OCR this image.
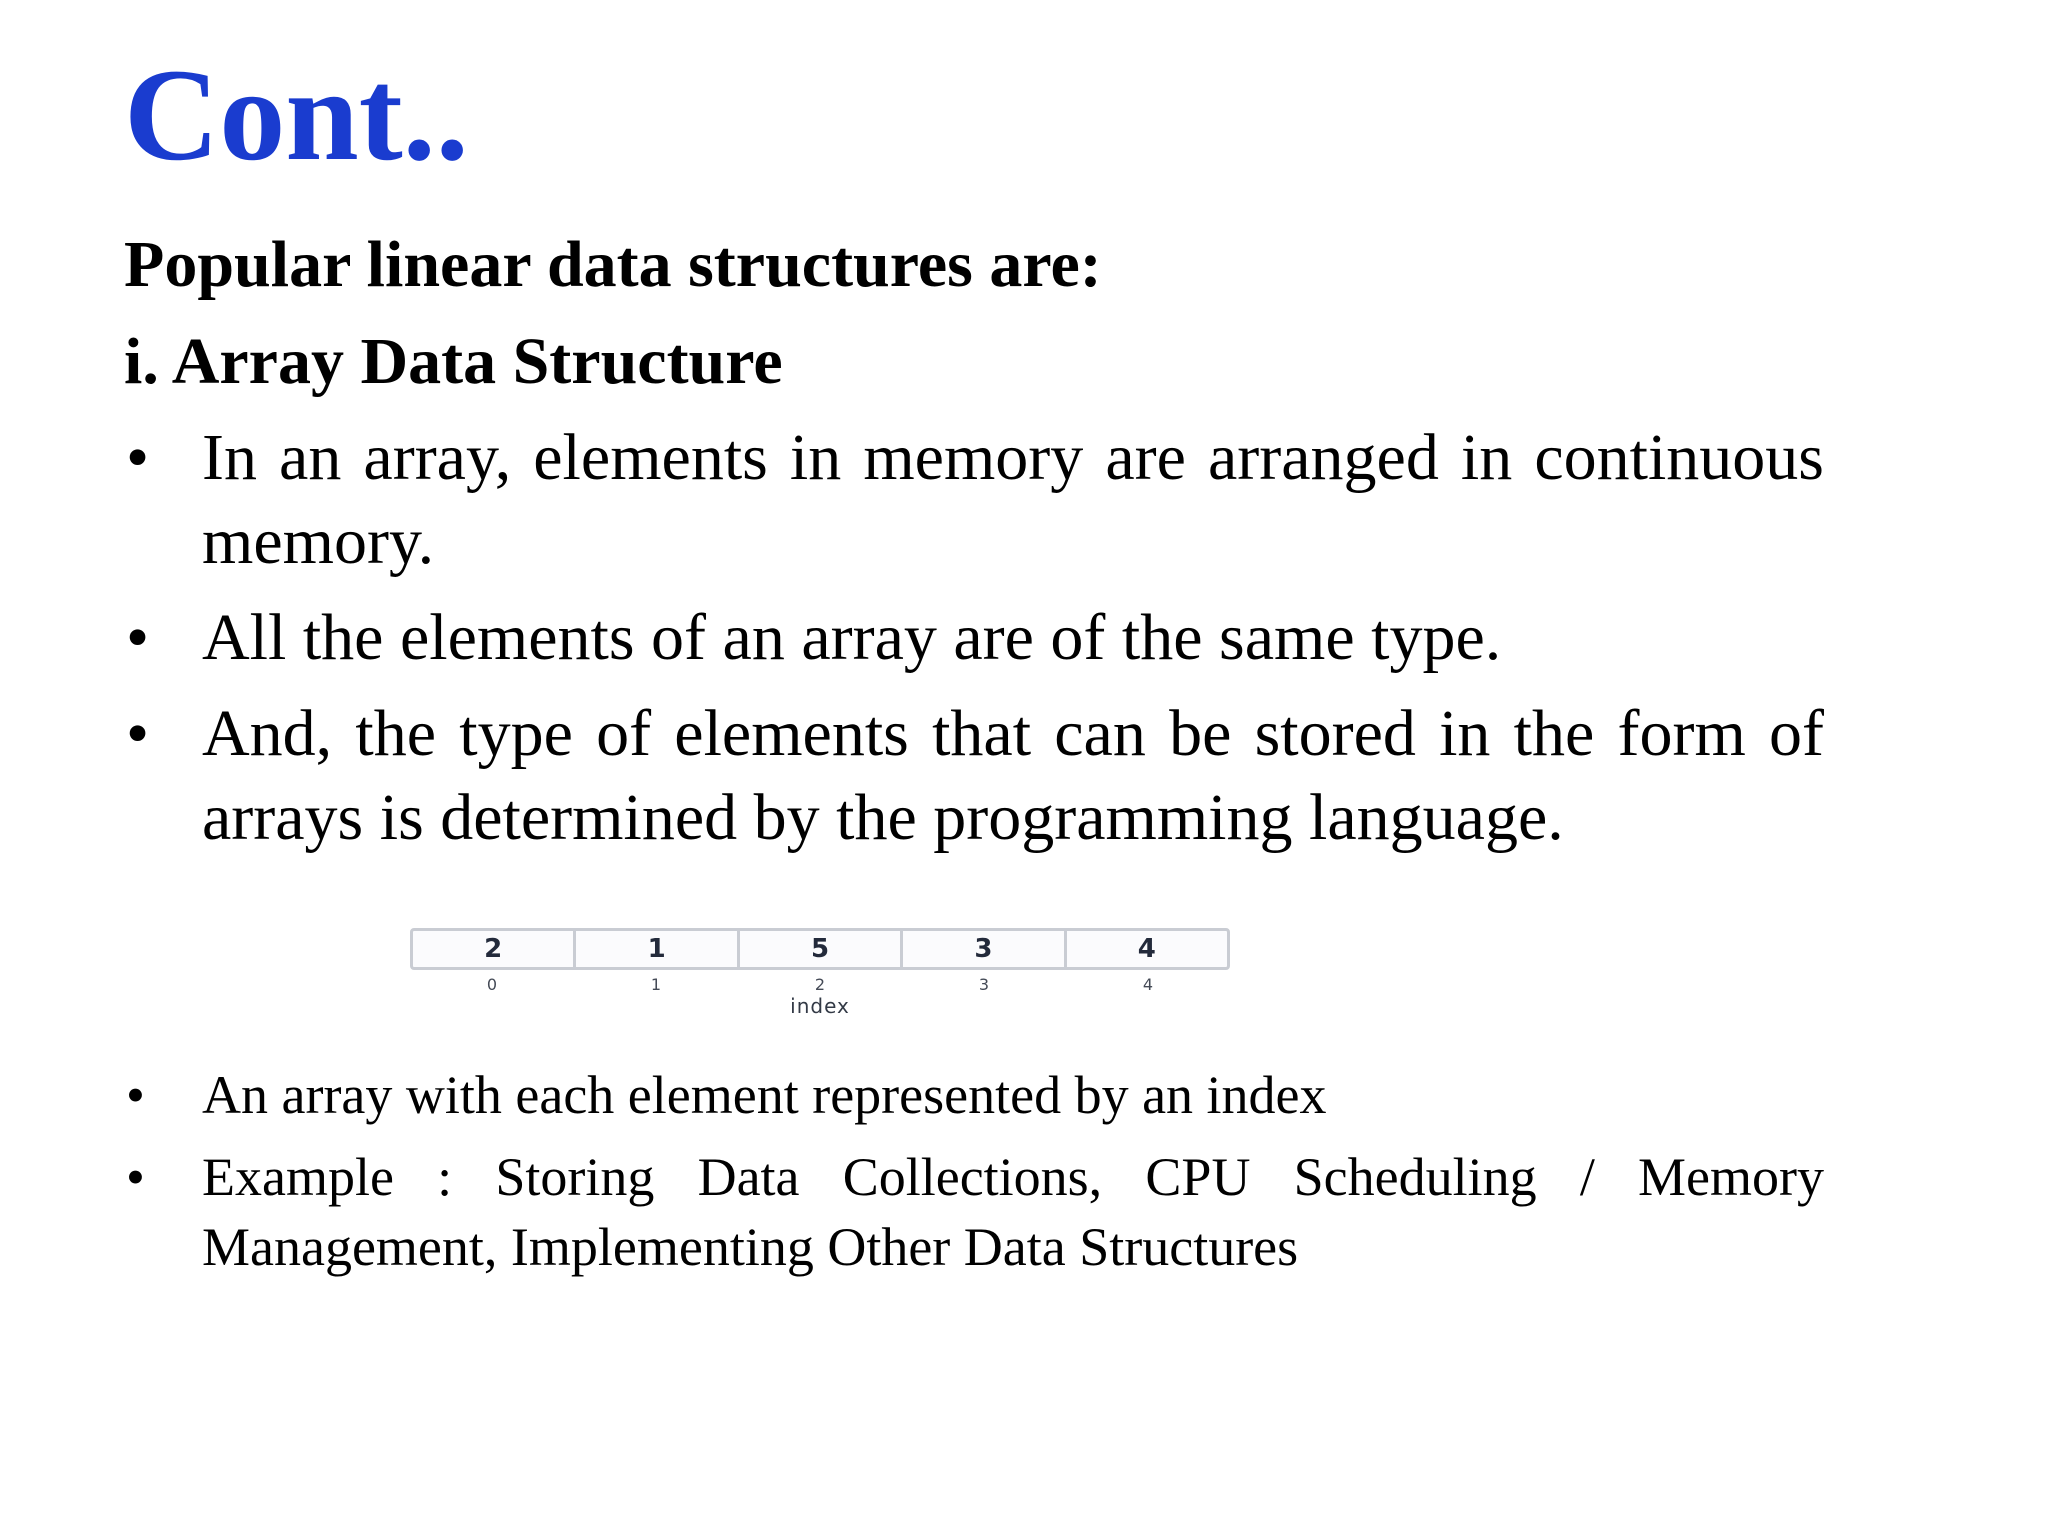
Cont..
Popular linear data structures are:
i. Array Data Structure
• In an array, elements in memory are arranged in continuous memory.
• All the elements of an array are of the same type.
• And, the type of elements that can be stored in the form of arrays is determined by the programming language.
2	1	5	3	4
0	1	2	3	4
index
• An array with each element represented by an index
• Example : Storing Data Collections, CPU Scheduling / Memory Management, Implementing Other Data Structures
